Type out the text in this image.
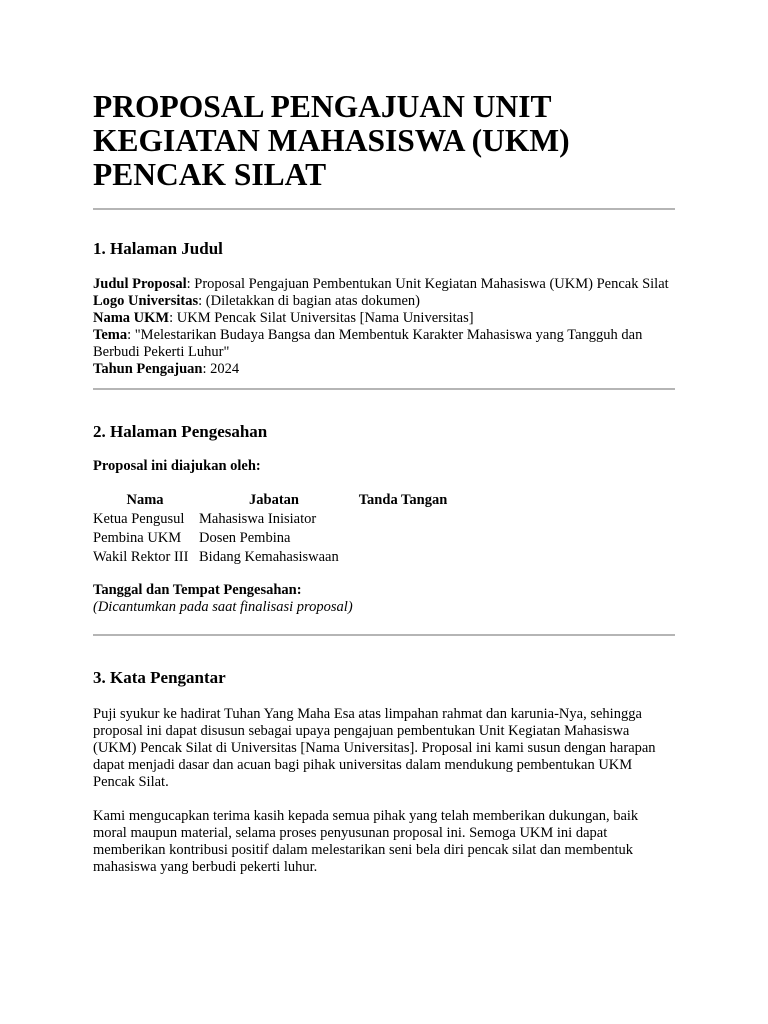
PROPOSAL PENGAJUAN UNIT KEGIATAN MAHASISWA (UKM) PENCAK SILAT
1. Halaman Judul
Judul Proposal: Proposal Pengajuan Pembentukan Unit Kegiatan Mahasiswa (UKM) Pencak Silat
Logo Universitas: (Diletakkan di bagian atas dokumen)
Nama UKM: UKM Pencak Silat Universitas [Nama Universitas]
Tema: "Melestarikan Budaya Bangsa dan Membentuk Karakter Mahasiswa yang Tangguh dan Berbudi Pekerti Luhur"
Tahun Pengajuan: 2024
2. Halaman Pengesahan
Proposal ini diajukan oleh:
Nama	Jabatan	Tanda Tangan
Ketua Pengusul	Mahasiswa Inisiator	
Pembina UKM	Dosen Pembina	
Wakil Rektor III	Bidang Kemahasiswaan	
Tanggal dan Tempat Pengesahan:
(Dicantumkan pada saat finalisasi proposal)
3. Kata Pengantar

Puji syukur ke hadirat Tuhan Yang Maha Esa atas limpahan rahmat dan karunia-Nya, sehingga proposal ini dapat disusun sebagai upaya pengajuan pembentukan Unit Kegiatan Mahasiswa (UKM) Pencak Silat di Universitas [Nama Universitas]. Proposal ini kami susun dengan harapan dapat menjadi dasar dan acuan bagi pihak universitas dalam mendukung pembentukan UKM Pencak Silat.

Kami mengucapkan terima kasih kepada semua pihak yang telah memberikan dukungan, baik moral maupun material, selama proses penyusunan proposal ini. Semoga UKM ini dapat memberikan kontribusi positif dalam melestarikan seni bela diri pencak silat dan membentuk mahasiswa yang berbudi pekerti luhur.
